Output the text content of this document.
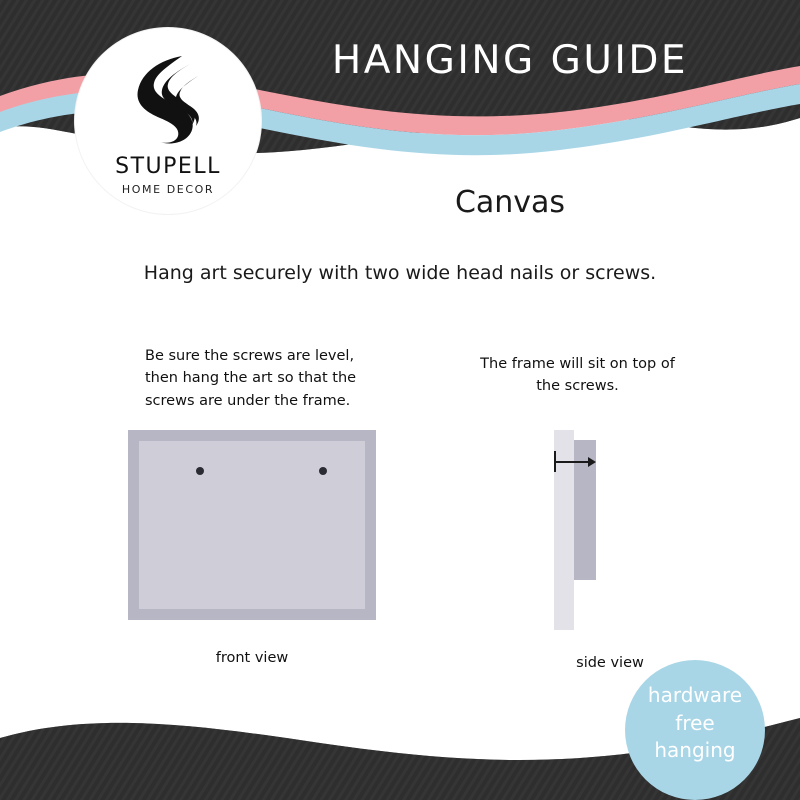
HANGING GUIDE
STUPELL
HOME DECOR	Canvas
Hang art securely with two wide head nails or screws.
Be sure the screws are level, then hang the art so that the screws are under the frame.
front view
The frame will sit on top of the screws.
side view
hardware
free
hanging
